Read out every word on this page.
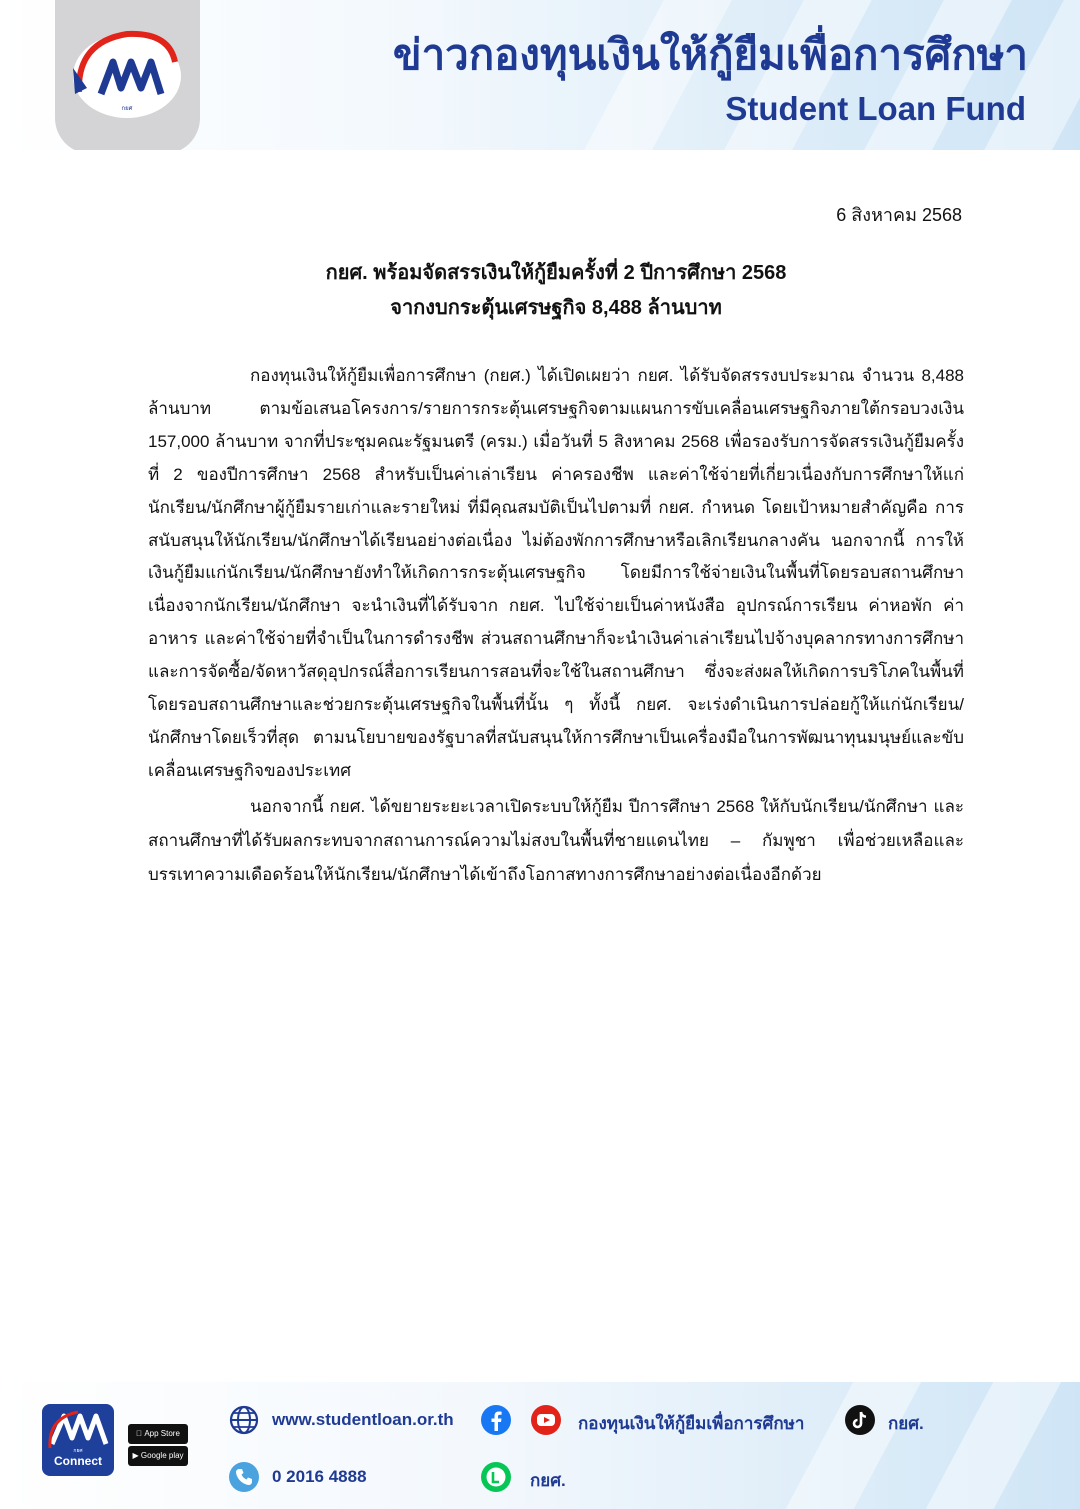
กยศ
ข่าวกองทุนเงินให้กู้ยืมเพื่อการศึกษา
Student Loan Fund
6 สิงหาคม 2568
กยศ. พร้อมจัดสรรเงินให้กู้ยืมครั้งที่ 2 ปีการศึกษา 2568
จากงบกระตุ้นเศรษฐกิจ 8,488 ล้านบาท

กองทุนเงินให้กู้ยืมเพื่อการศึกษา (กยศ.) ได้เปิดเผยว่า กยศ. ได้รับจัดสรรงบประมาณ จำนวน 8,488 ล้านบาท ตามข้อเสนอโครงการ/รายการกระตุ้นเศรษฐกิจตามแผนการขับเคลื่อนเศรษฐกิจภายใต้กรอบวงเงิน 157,000 ล้านบาท จากที่ประชุมคณะรัฐมนตรี (ครม.) เมื่อวันที่ 5 สิงหาคม 2568 เพื่อรองรับการจัดสรรเงินกู้ยืมครั้งที่ 2 ของปีการศึกษา 2568 สำหรับเป็นค่าเล่าเรียน ค่าครองชีพ และค่าใช้จ่ายที่เกี่ยวเนื่องกับการศึกษาให้แก่นักเรียน/นักศึกษาผู้กู้ยืมรายเก่าและรายใหม่ ที่มีคุณสมบัติเป็นไปตามที่ กยศ. กำหนด โดยเป้าหมายสำคัญคือ การสนับสนุนให้นักเรียน/นักศึกษาได้เรียนอย่างต่อเนื่อง ไม่ต้องพักการศึกษาหรือเลิกเรียนกลางคัน นอกจากนี้ การให้เงินกู้ยืมแก่นักเรียน/นักศึกษายังทำให้เกิดการกระตุ้นเศรษฐกิจ โดยมีการใช้จ่ายเงินในพื้นที่โดยรอบสถานศึกษา เนื่องจากนักเรียน/นักศึกษา จะนำเงินที่ได้รับจาก กยศ. ไปใช้จ่ายเป็นค่าหนังสือ อุปกรณ์การเรียน ค่าหอพัก ค่าอาหาร และค่าใช้จ่ายที่จำเป็นในการดำรงชีพ ส่วนสถานศึกษาก็จะนำเงินค่าเล่าเรียนไปจ้างบุคลากรทางการศึกษา และการจัดซื้อ/จัดหาวัสดุอุปกรณ์สื่อการเรียนการสอนที่จะใช้ในสถานศึกษา ซึ่งจะส่งผลให้เกิดการบริโภคในพื้นที่โดยรอบสถานศึกษาและช่วยกระตุ้นเศรษฐกิจในพื้นที่นั้น ๆ ทั้งนี้ กยศ. จะเร่งดำเนินการปล่อยกู้ให้แก่นักเรียน/นักศึกษาโดยเร็วที่สุด ตามนโยบายของรัฐบาลที่สนับสนุนให้การศึกษาเป็นเครื่องมือในการพัฒนาทุนมนุษย์และขับเคลื่อนเศรษฐกิจของประเทศ

นอกจากนี้ กยศ. ได้ขยายระยะเวลาเปิดระบบให้กู้ยืม ปีการศึกษา 2568 ให้กับนักเรียน/นักศึกษา และสถานศึกษาที่ได้รับผลกระทบจากสถานการณ์ความไม่สงบในพื้นที่ชายแดนไทย – กัมพูชา เพื่อช่วยเหลือและบรรเทาความเดือดร้อนให้นักเรียน/นักศึกษาได้เข้าถึงโอกาสทางการศึกษาอย่างต่อเนื่องอีกด้วย

กยศ
Connect
App Store
▶ Google play
www.studentloan.or.th	กองทุนเงินให้กู้ยืมเพื่อการศึกษา	กยศ.
0 2016 4888	กยศ.
